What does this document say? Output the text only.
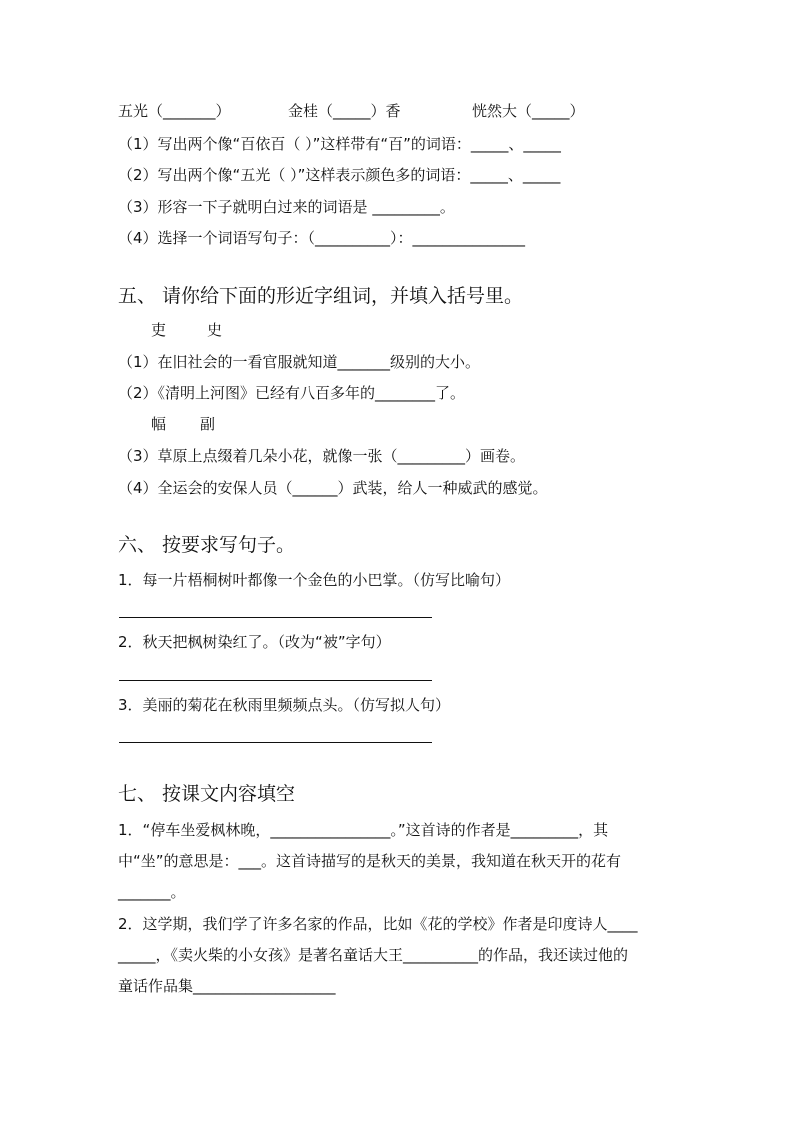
五光（_______）	金桂（_____）香	恍然大（_____）
（1）写出两个像“百依百（ ）”这样带有“百”的词语：_____、_____
（2）写出两个像“五光（ ）”这样表示颜色多的词语：_____、_____
（3）形容一下子就明白过来的词语是 _________。
（4）选择一个词语写句子：（__________）：_______________
五、 请你给下面的形近字组词，并填入括号里。
吏	史
（1）在旧社会的一看官服就知道_______级别的大小。
（2）《清明上河图》已经有八百多年的________了。
幅 副
（3）草原上点缀着几朵小花，就像一张（_________）画卷。
（4）全运会的安保人员（______）武装，给人一种威武的感觉。
六、 按要求写句子。
1．每一片梧桐树叶都像一个金色的小巴掌。（仿写比喻句）
2．秋天把枫树染红了。（改为“被”字句）
3．美丽的菊花在秋雨里频频点头。（仿写拟人句）
七、 按课文内容填空
1．“停车坐爱枫林晚，________________。”这首诗的作者是_________，其
中“坐”的意思是：___。这首诗描写的是秋天的美景，我知道在秋天开的花有
_______。
2．这学期，我们学了许多名家的作品，比如《花的学校》作者是印度诗人____
_____，《卖火柴的小女孩》是著名童话大王__________的作品，我还读过他的
童话作品集___________________
